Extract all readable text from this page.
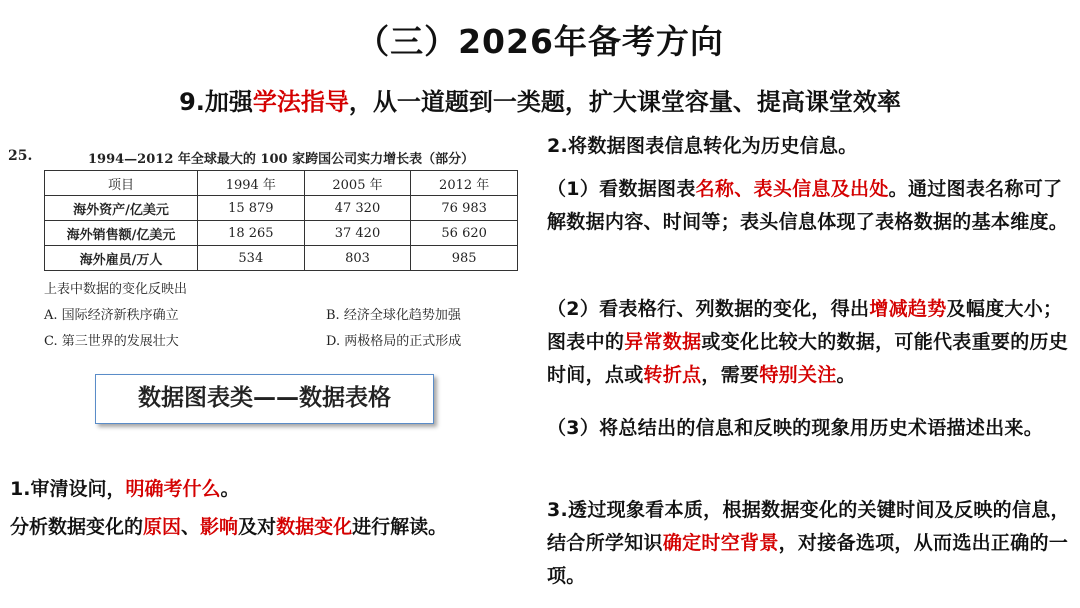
（三）2026年备考方向
9.加强学法指导，从一道题到一类题，扩大课堂容量、提高课堂效率
25.	1994—2012 年全球最大的 100 家跨国公司实力增长表（部分）
项目	1994 年	2005 年	2012 年
海外资产/亿美元	15 879	47 320	76 983
海外销售额/亿美元	18 265	37 420	56 620
海外雇员/万人	534	803	985
上表中数据的变化反映出
A. 国际经济新秩序确立	B. 经济全球化趋势加强
C. 第三世界的发展壮大	D. 两极格局的正式形成
数据图表类——数据表格
1.审清设问，明确考什么。
分析数据变化的原因、影响及对数据变化进行解读。
2.将数据图表信息转化为历史信息。
（1）看数据图表名称、表头信息及出处。通过图表名称可了解数据内容、时间等；表头信息体现了表格数据的基本维度。
（2）看表格行、列数据的变化，得出增减趋势及幅度大小；图表中的异常数据或变化比较大的数据，可能代表重要的历史时间，点或转折点，需要特别关注。
（3）将总结出的信息和反映的现象用历史术语描述出来。
3.透过现象看本质，根据数据变化的关键时间及反映的信息，结合所学知识确定时空背景，对接备选项，从而选出正确的一项。
